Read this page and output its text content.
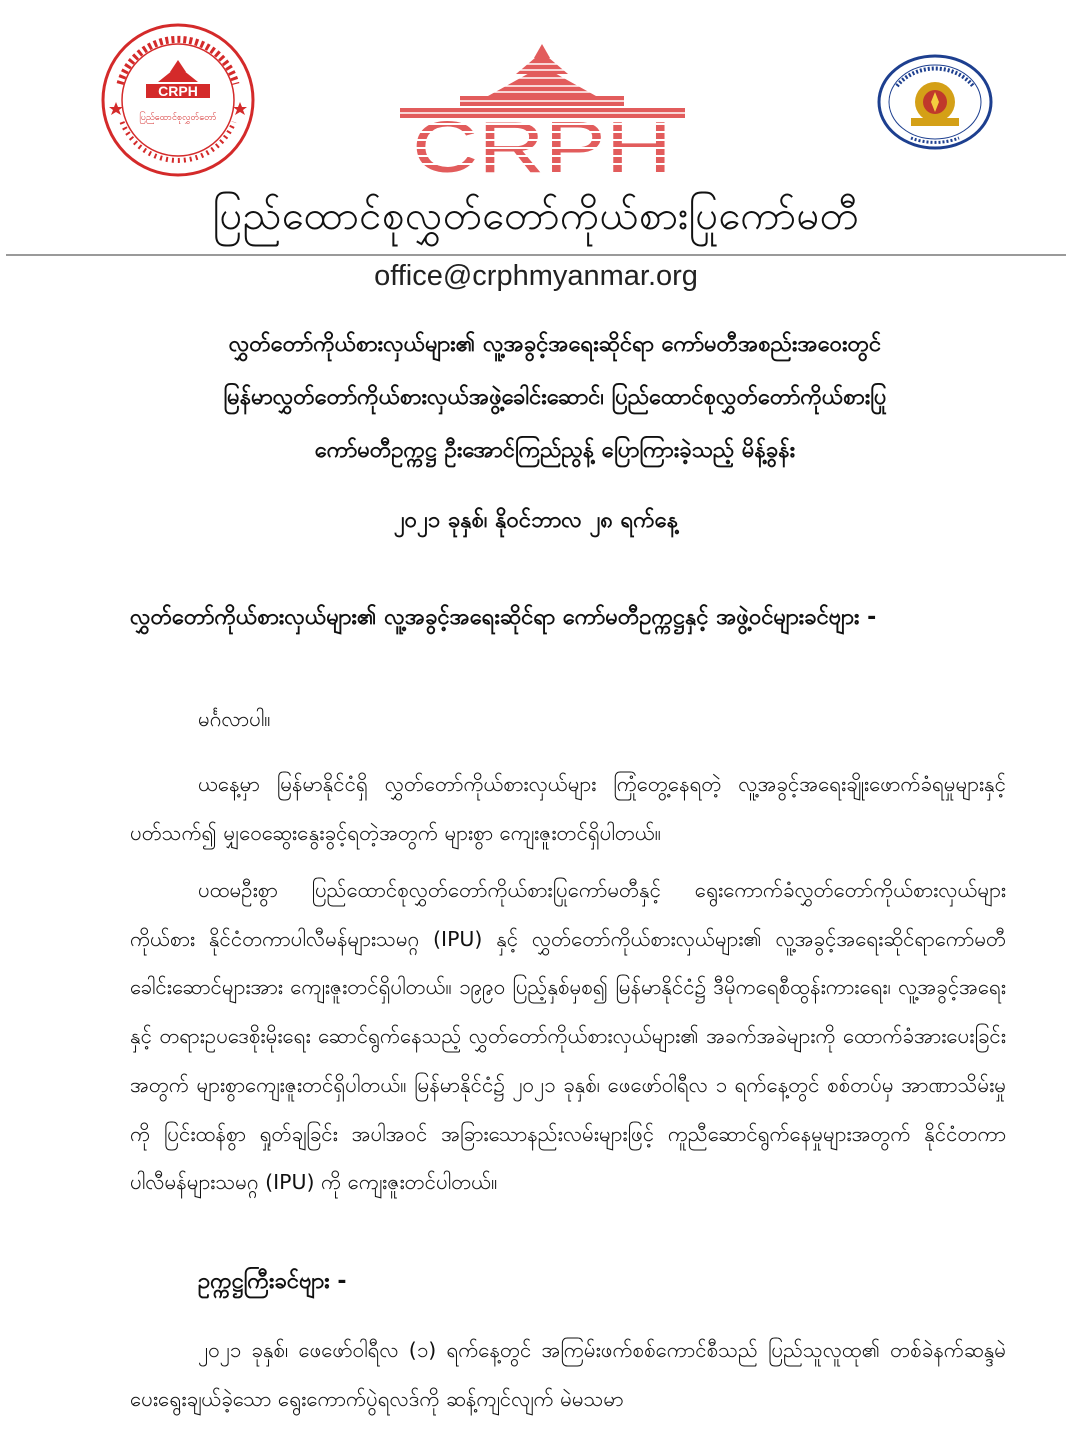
CRPH
ပြည်ထောင်စုလွှတ်တော်	CRPH
ပြည်ထောင်စုလွှတ်တော်ကိုယ်စားပြုကော်မတီ
office@crphmyanmar.org
လွှတ်တော်ကိုယ်စားလှယ်များ၏ လူ့အခွင့်အရေးဆိုင်ရာ ကော်မတီအစည်းအဝေးတွင်
မြန်မာလွှတ်တော်ကိုယ်စားလှယ်အဖွဲ့ခေါင်းဆောင်၊ ပြည်ထောင်စုလွှတ်တော်ကိုယ်စားပြု
ကော်မတီဥက္ကဋ္ဌ ဦးအောင်ကြည်ညွန့် ပြောကြားခဲ့သည့် မိန့်ခွန်း
၂၀၂၁ ခုနှစ်၊ နိုဝင်ဘာလ ၂၈ ရက်နေ့
လွှတ်တော်ကိုယ်စားလှယ်များ၏ လူ့အခွင့်အရေးဆိုင်ရာ ကော်မတီဥက္ကဋ္ဌနှင့် အဖွဲ့ဝင်များခင်ဗျား -

မင်္ဂလာပါ။

ယနေ့မှာ မြန်မာနိုင်ငံရှိ လွှတ်တော်ကိုယ်စားလှယ်များ ကြုံတွေ့နေရတဲ့ လူ့အခွင့်အရေးချိုးဖောက်ခံရမှုများနှင့် ပတ်သက်၍ မျှဝေဆွေးနွေးခွင့်ရတဲ့အတွက် များစွာ ကျေးဇူးတင်ရှိပါတယ်။

ပထမဦးစွာ ပြည်ထောင်စုလွှတ်တော်ကိုယ်စားပြုကော်မတီနှင့် ရွေးကောက်ခံလွှတ်တော်ကိုယ်စားလှယ်များကိုယ်စား နိုင်ငံတကာပါလီမန်များသမဂ္ဂ (IPU) နှင့် လွှတ်တော်ကိုယ်စားလှယ်များ၏ လူ့အခွင့်အရေးဆိုင်ရာကော်မတီ ခေါင်းဆောင်များအား ကျေးဇူးတင်ရှိပါတယ်။ ၁၉၉၀ ပြည့်နှစ်မှစ၍ မြန်မာနိုင်ငံ၌ ဒီမိုကရေစီထွန်းကားရေး၊ လူ့အခွင့်အရေးနှင့် တရားဥပဒေစိုးမိုးရေး ဆောင်ရွက်နေသည့် လွှတ်တော်ကိုယ်စားလှယ်များ၏ အခက်အခဲများကို ထောက်ခံအားပေးခြင်းအတွက် များစွာကျေးဇူးတင်ရှိပါတယ်။ မြန်မာနိုင်ငံ၌ ၂၀၂၁ ခုနှစ်၊ ဖေဖော်ဝါရီလ ၁ ရက်နေ့တွင် စစ်တပ်မှ အာဏာသိမ်းမှုကို ပြင်းထန်စွာ ရှုတ်ချခြင်း အပါအဝင် အခြားသောနည်းလမ်းများဖြင့် ကူညီဆောင်ရွက်နေမှုများအတွက် နိုင်ငံတကာပါလီမန်များသမဂ္ဂ (IPU) ကို ကျေးဇူးတင်ပါတယ်။

ဥက္ကဋ္ဌကြီးခင်ဗျား -

၂၀၂၁ ခုနှစ်၊ ဖေဖော်ဝါရီလ (၁) ရက်နေ့တွင် အကြမ်းဖက်စစ်ကောင်စီသည် ပြည်သူလူထု၏ တစ်ခဲနက်ဆန္ဒမဲပေးရွေးချယ်ခဲ့သော ရွေးကောက်ပွဲရလဒ်ကို ဆန့်ကျင်လျက် မဲမသမာ
